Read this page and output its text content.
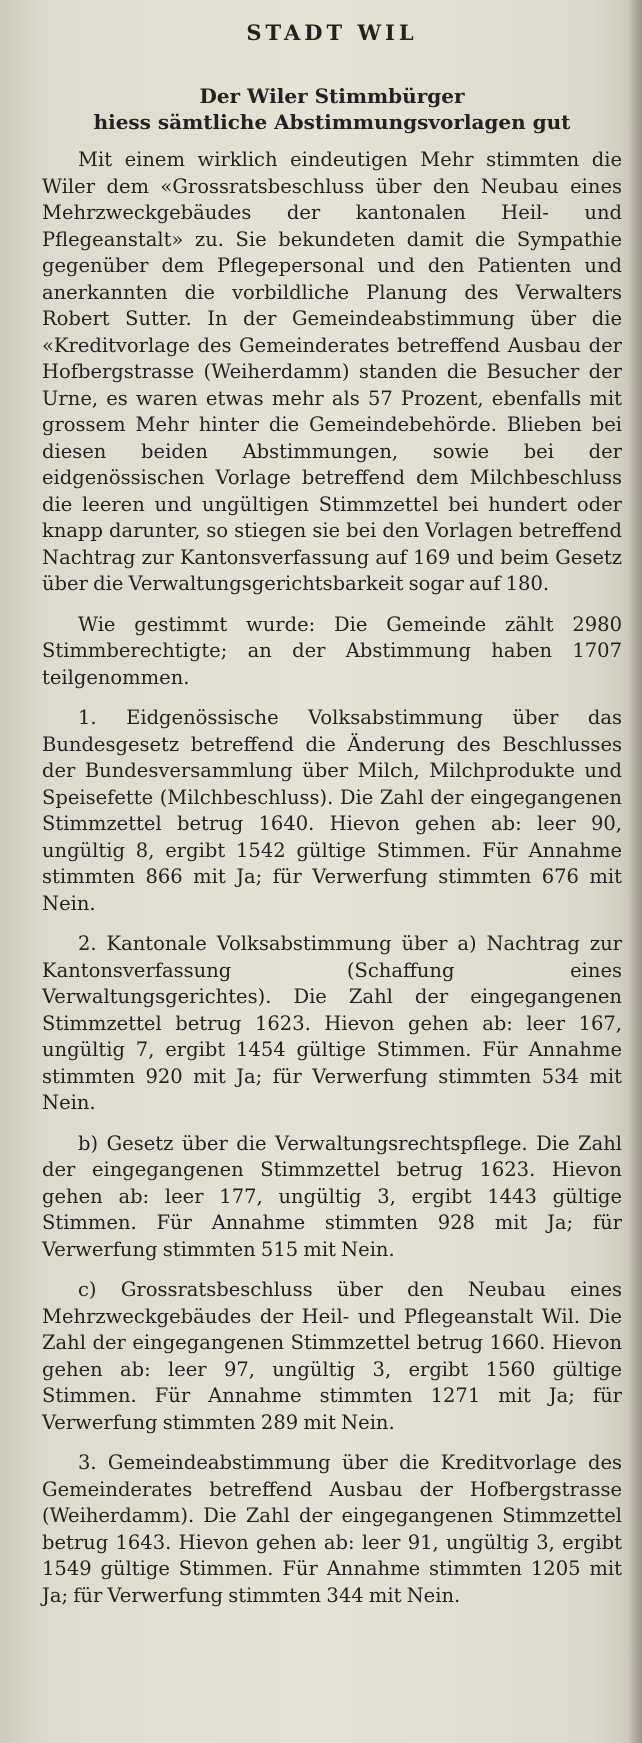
STADT WIL
Der Wiler Stimmbürger
hiess sämtliche Abstimmungsvorlagen gut

Mit einem wirklich eindeutigen Mehr stimmten die Wiler dem «Grossratsbeschluss über den Neubau eines Mehrzweckgebäudes der kantonalen Heil- und Pflegeanstalt» zu. Sie bekundeten damit die Sympathie gegenüber dem Pflegepersonal und den Patienten und anerkannten die vorbildliche Planung des Verwalters Robert Sutter. In der Gemeindeabstimmung über die «Kreditvorlage des Gemeinderates betreffend Ausbau der Hofbergstrasse (Weiherdamm) standen die Besucher der Urne, es waren etwas mehr als 57 Prozent, ebenfalls mit grossem Mehr hinter die Gemeindebehörde. Blieben bei diesen beiden Abstimmungen, sowie bei der eidgenössischen Vorlage betreffend dem Milchbeschluss die leeren und ungültigen Stimmzettel bei hundert oder knapp darunter, so stiegen sie bei den Vorlagen betreffend Nachtrag zur Kantonsverfassung auf 169 und beim Gesetz über die Verwaltungsgerichtsbarkeit sogar auf 180.

Wie gestimmt wurde: Die Gemeinde zählt 2980 Stimmberechtigte; an der Abstimmung haben 1707 teilgenommen.

1. Eidgenössische Volksabstimmung über das Bundesgesetz betreffend die Änderung des Beschlusses der Bundesversammlung über Milch, Milchprodukte und Speisefette (Milchbeschluss). Die Zahl der eingegangenen Stimmzettel betrug 1640. Hievon gehen ab: leer 90, ungültig 8, ergibt 1542 gültige Stimmen. Für Annahme stimmten 866 mit Ja; für Verwerfung stimmten 676 mit Nein.

2. Kantonale Volksabstimmung über a) Nachtrag zur Kantonsverfassung (Schaffung eines Verwaltungsgerichtes). Die Zahl der eingegangenen Stimmzettel betrug 1623. Hievon gehen ab: leer 167, ungültig 7, ergibt 1454 gültige Stimmen. Für Annahme stimmten 920 mit Ja; für Verwerfung stimmten 534 mit Nein.

b) Gesetz über die Verwaltungsrechtspflege. Die Zahl der eingegangenen Stimmzettel betrug 1623. Hievon gehen ab: leer 177, ungültig 3, ergibt 1443 gültige Stimmen. Für Annahme stimmten 928 mit Ja; für Verwerfung stimmten 515 mit Nein.

c) Grossratsbeschluss über den Neubau eines Mehrzweckgebäudes der Heil- und Pflegeanstalt Wil. Die Zahl der eingegangenen Stimmzettel betrug 1660. Hievon gehen ab: leer 97, ungültig 3, ergibt 1560 gültige Stimmen. Für Annahme stimmten 1271 mit Ja; für Verwerfung stimmten 289 mit Nein.

3. Gemeindeabstimmung über die Kreditvorlage des Gemeinderates betreffend Ausbau der Hofbergstrasse (Weiherdamm). Die Zahl der eingegangenen Stimmzettel betrug 1643. Hievon gehen ab: leer 91, ungültig 3, ergibt 1549 gültige Stimmen. Für Annahme stimmten 1205 mit Ja; für Verwerfung stimmten 344 mit Nein.
